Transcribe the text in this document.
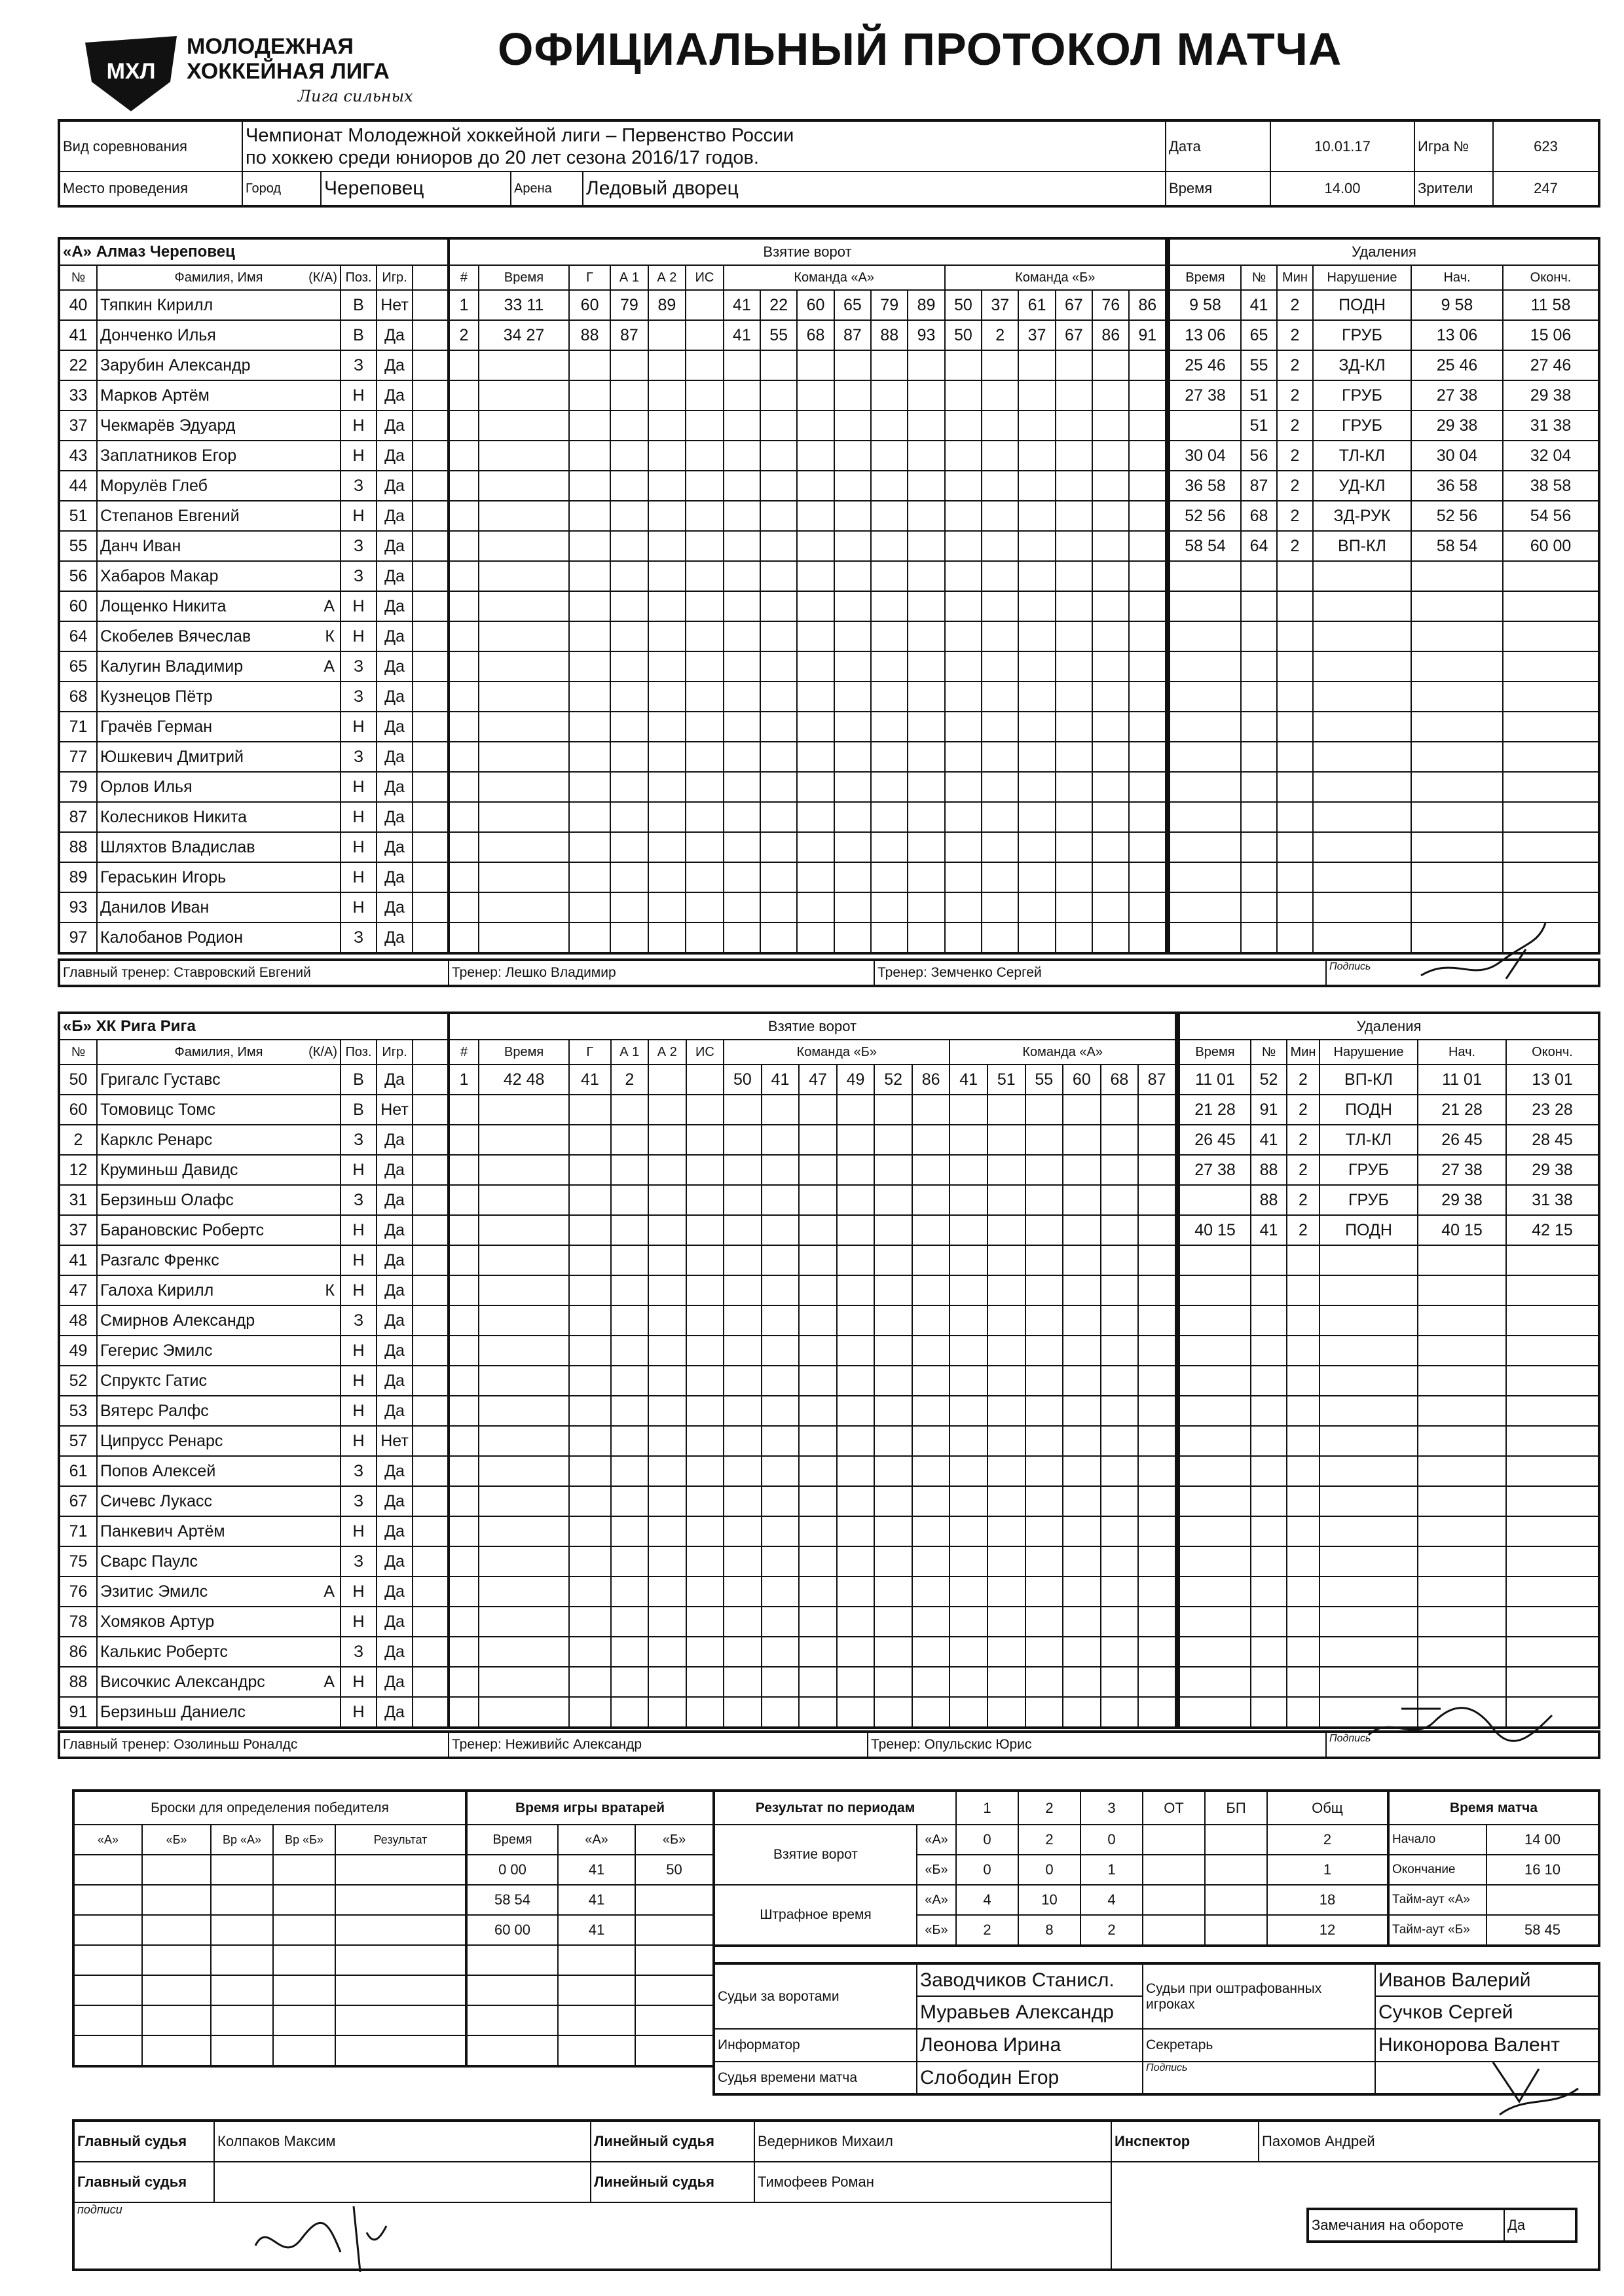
МХЛ
МОЛОДЕЖНАЯ
ХОККЕЙНАЯ ЛИГА
Лига сильных
ОФИЦИАЛЬНЫЙ ПРОТОКОЛ МАТЧА
Вид соревнования	
Чемпионат Молодежной хоккейной лиги – Первенство России
по хоккею среди юниоров до 20 лет сезона 2016/17 годов.
	Дата	10.01.17	Игра №	623
Место проведения		Город	Череповец	Арена	Ледовый дворец
		Время	14.00	Зрители	247
«А» Алмаз Череповец				
№	Фамилия, Имя (К/А)	Поз.	Игр.	
40	Тяпкин Кирилл	В	Нет	
41	Донченко Илья	В	Да	
22	Зарубин Александр	З	Да	
33	Марков Артём	Н	Да	
37	Чекмарёв Эдуард	Н	Да	
43	Заплатников Егор	Н	Да	
44	Морулёв Глеб	З	Да	
51	Степанов Евгений	Н	Да	
55	Данч Иван	З	Да	
56	Хабаров Макар	З	Да	
60	Лощенко Никита А	Н	Да	
64	Скобелев Вячеслав К	Н	Да	
65	Калугин Владимир А	З	Да	
68	Кузнецов Пётр	З	Да	
71	Грачёв Герман	Н	Да	
77	Юшкевич Дмитрий	З	Да	
79	Орлов Илья	Н	Да	
87	Колесников Никита	Н	Да	
88	Шляхтов Владислав	Н	Да	
89	Гераськин Игорь	Н	Да	
93	Данилов Иван	Н	Да	
97	Калобанов Родион	З	Да	
Взятие ворот																	
#	Время	Г	А 1	А 2	ИС	Команда «А»						Команда «Б»					
1	33 11	60	79	89		41	22	60	65	79	89	50	37	61	67	76	86
2	34 27	88	87			41	55	68	87	88	93	50	2	37	67	86	91

Удаления					
Время	№	Мин	Нарушение	Нач.	Оконч.
9 58	41	2	ПОДН	9 58	11 58
13 06	65	2	ГРУБ	13 06	15 06
25 46	55	2	ЗД-КЛ	25 46	27 46
27 38	51	2	ГРУБ	27 38	29 38
	51	2	ГРУБ	29 38	31 38
30 04	56	2	ТЛ-КЛ	30 04	32 04
36 58	87	2	УД-КЛ	36 58	38 58
52 56	68	2	ЗД-РУК	52 56	54 56
58 54	64	2	ВП-КЛ	58 54	60 00

Главный тренер: Ставровский Евгений	Тренер: Лешко Владимир	Тренер: Земченко Сергей	Подпись
«Б» ХК Рига Рига				
№	Фамилия, Имя (К/А)	Поз.	Игр.	
50	Григалс Густавс	В	Да	
60	Томовицс Томс	В	Нет	
2	Карклс Ренарс	З	Да	
12	Круминьш Давидс	Н	Да	
31	Берзиньш Олафс	З	Да	
37	Барановскис Робертс	Н	Да	
41	Разгалс Френкс	Н	Да	
47	Галоха Кирилл К	Н	Да	
48	Смирнов Александр	З	Да	
49	Гегерис Эмилс	Н	Да	
52	Спруктс Гатис	Н	Да	
53	Вятерс Ралфс	Н	Да	
57	Ципрусс Ренарс	Н	Нет	
61	Попов Алексей	З	Да	
67	Сичевс Лукасс	З	Да	
71	Панкевич Артём	Н	Да	
75	Сварс Паулс	З	Да	
76	Эзитис Эмилс А	Н	Да	
78	Хомяков Артур	Н	Да	
86	Калькис Робертс	З	Да	
88	Височкис Александрс А	Н	Да	
91	Берзиньш Даниелс	Н	Да	
Взятие ворот																	
#	Время	Г	А 1	А 2	ИС	Команда «Б»						Команда «А»					
1	42 48	41	2			50	41	47	49	52	86	41	51	55	60	68	87

Удаления					
Время	№	Мин	Нарушение	Нач.	Оконч.
11 01	52	2	ВП-КЛ	11 01	13 01
21 28	91	2	ПОДН	21 28	23 28
26 45	41	2	ТЛ-КЛ	26 45	28 45
27 38	88	2	ГРУБ	27 38	29 38
	88	2	ГРУБ	29 38	31 38
40 15	41	2	ПОДН	40 15	42 15

Главный тренер: Озолиньш Роналдс	Тренер: Неживийс Александр	Тренер: Опульскис Юрис	Подпись
Броски для определения победителя				
«А»	«Б»	Вр «А»	Вр «Б»	Результат

Время игры вратарей		
Время	«А»	«Б»
0 00	41	50
58 54	41	
60 00	41	

Результат по периодам		1	2	3	ОТ	БП	Общ
Взятие ворот	«А»	0	2	0			2
	«Б»	0	0	1			1
Штрафное время	«А»	4	10	4			18
	«Б»	2	8	2			12
Время матча	
Начало	14 00
Окончание	16 10
Тайм-аут «А»	
Тайм-аут «Б»	58 45
Судьи за воротами	Заводчиков Станисл.	Судьи при оштрафованных игроках	Иванов Валерий
	Муравьев Александр		Сучков Сергей
Информатор	Леонова Ирина	Секретарь	Никонорова Валент
Судья времени матча	Слободин Егор	Подпись	
Главный судья	Колпаков Максим	Линейный судья	Ведерников Михаил	Инспектор	Пахомов Андрей
Главный судья		Линейный судья	Тимофеев Роман		
подписи					
Замечания на обороте	Да
